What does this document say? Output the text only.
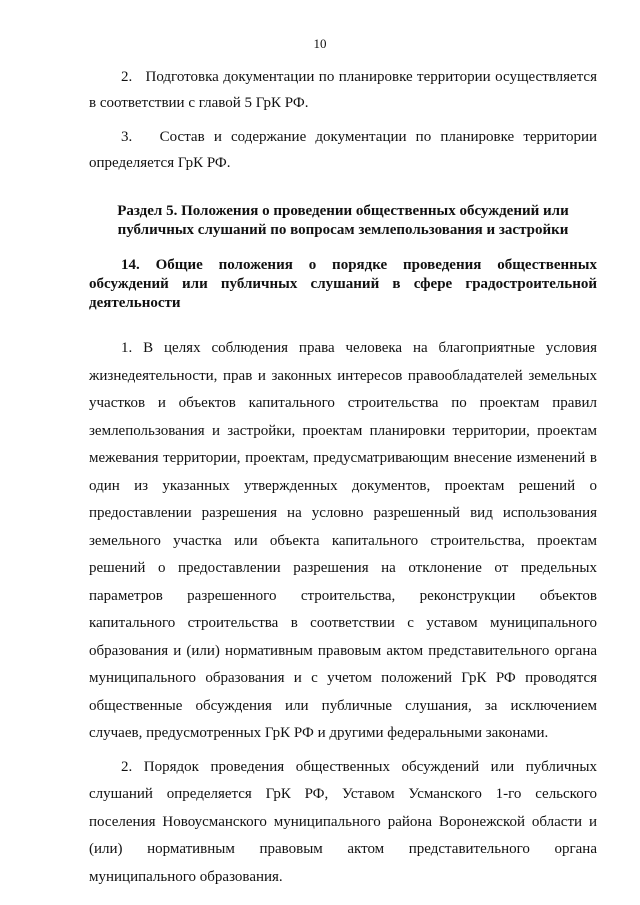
10

2.   Подготовка документации по планировке территории осуществляется в соответствии с главой 5 ГрК РФ.

3.   Состав и содержание документации по планировке территории определяется ГрК РФ.

Раздел 5. Положения о проведении общественных обсуждений или публичных слушаний по вопросам землепользования и застройки

14. Общие положения о порядке проведения общественных обсуждений или публичных слушаний в сфере градостроительной деятельности

1. В целях соблюдения права человека на благоприятные условия жизнедеятельности, прав и законных интересов правообладателей земельных участков и объектов капитального строительства по проектам правил землепользования и застройки, проектам планировки территории, проектам межевания территории, проектам, предусматривающим внесение изменений в один из указанных утвержденных документов, проектам решений о предоставлении разрешения на условно разрешенный вид использования земельного участка или объекта капитального строительства, проектам решений о предоставлении разрешения на отклонение от предельных параметров разрешенного строительства, реконструкции объектов капитального строительства в соответствии с уставом муниципального образования и (или) нормативным правовым актом представительного органа муниципального образования и с учетом положений ГрК РФ проводятся общественные обсуждения или публичные слушания, за исключением случаев, предусмотренных ГрК РФ и другими федеральными законами.

2. Порядок проведения общественных обсуждений или публичных слушаний определяется ГрК РФ, Уставом Усманского 1-го сельского поселения Новоусманского муниципального района Воронежской области и (или) нормативным правовым актом представительного органа муниципального образования.
